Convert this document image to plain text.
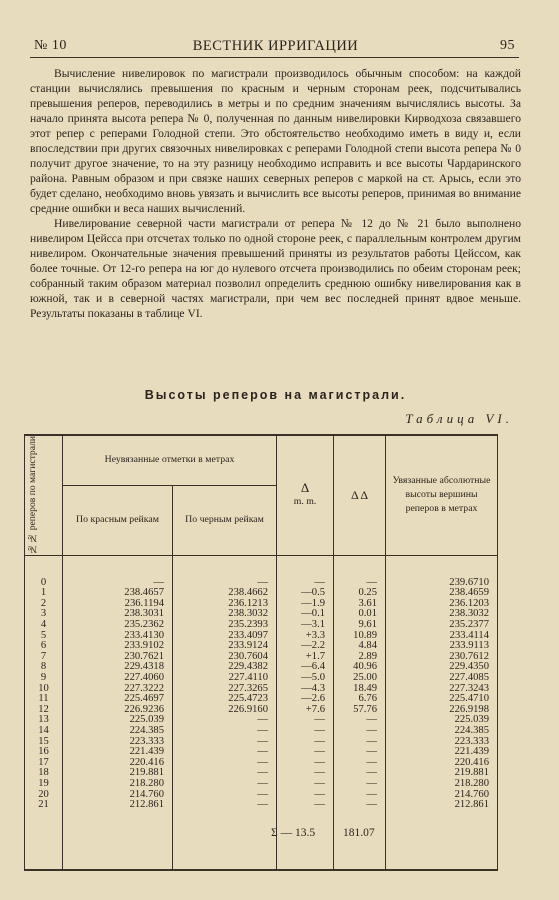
№ 10	ВЕСТНИК ИРРИГАЦИИ	95

Вычисление нивелировок по магистрали производилось обычным способом: на каждой станции вычислялись превышения по красным и черным сторонам реек, подсчитывались превышения реперов, переводились в метры и по средним значениям вычислялись высоты. За начало принята высота репера № 0, полученная по данным нивелировки Кирводхоза связавшего этот репер с реперами Голодной степи. Это обстоятельство необходимо иметь в виду и, если впоследствии при других связочных нивелировках с реперами Голодной степи высота репера № 0 получит другое значение, то на эту разницу необходимо исправить и все высоты Чардаринского района. Равным образом и при связке наших северных реперов с маркой на ст. Арысь, если это будет сделано, необходимо вновь увязать и вычислить все высоты реперов, принимая во внимание средние ошибки и веса наших вычислений.

Нивелирование северной части магистрали от репера № 12 до № 21 было выполнено нивелиром Цейсса при отсчетах только по одной стороне реек, с параллельным контролем другим нивелиром. Окончательные значения превышений приняты из результатов работы Цейссом, как более точные. От 12-го репера на юг до нулевого отсчета производились по обеим сторонам реек; собранный таким образом материал позволил определить среднюю ошибку нивелирования как в южной, так и в северной частях магистрали, при чем вес последней принят вдвое меньше. Результаты показаны в таблице VI.

Высоты реперов на магистрали.
Таблица VI.
№№ реперов по магистрали	Неувязанные отметки в метрах		Δ
m. m.	Δ Δ	Увязанные абсолютные высоты вершины реперов в метрах
	По красным рейкам	По черным рейкам			

0	—	—	—	—	239.6710
1	238.4657	238.4662	—0.5	0.25	238.4659
2	236.1194	236.1213	—1.9	3.61	236.1203
3	238.3031	238.3032	—0.1	0.01	238.3032
4	235.2362	235.2393	—3.1	9.61	235.2377
5	233.4130	233.4097	+3.3	10.89	233.4114
6	233.9102	233.9124	—2.2	4.84	233.9113
7	230.7621	230.7604	+1.7	2.89	230.7612
8	229.4318	229.4382	—6.4	40.96	229.4350
9	227.4060	227.4110	—5.0	25.00	227.4085
10	227.3222	227.3265	—4.3	18.49	227.3243
11	225.4697	225.4723	—2.6	6.76	225.4710
12	226.9236	226.9160	+7.6	57.76	226.9198
13	225.039	—	—	—	225.039
14	224.385	—	—	—	224.385
15	223.333	—	—	—	223.333
16	221.439	—	—	—	221.439
17	220.416	—	—	—	220.416
18	219.881	—	—	—	219.881
19	218.280	—	—	—	218.280
20	214.760	—	—	—	214.760
21	212.861	—	—	—	212.861

Σ — 13.5 181.07
